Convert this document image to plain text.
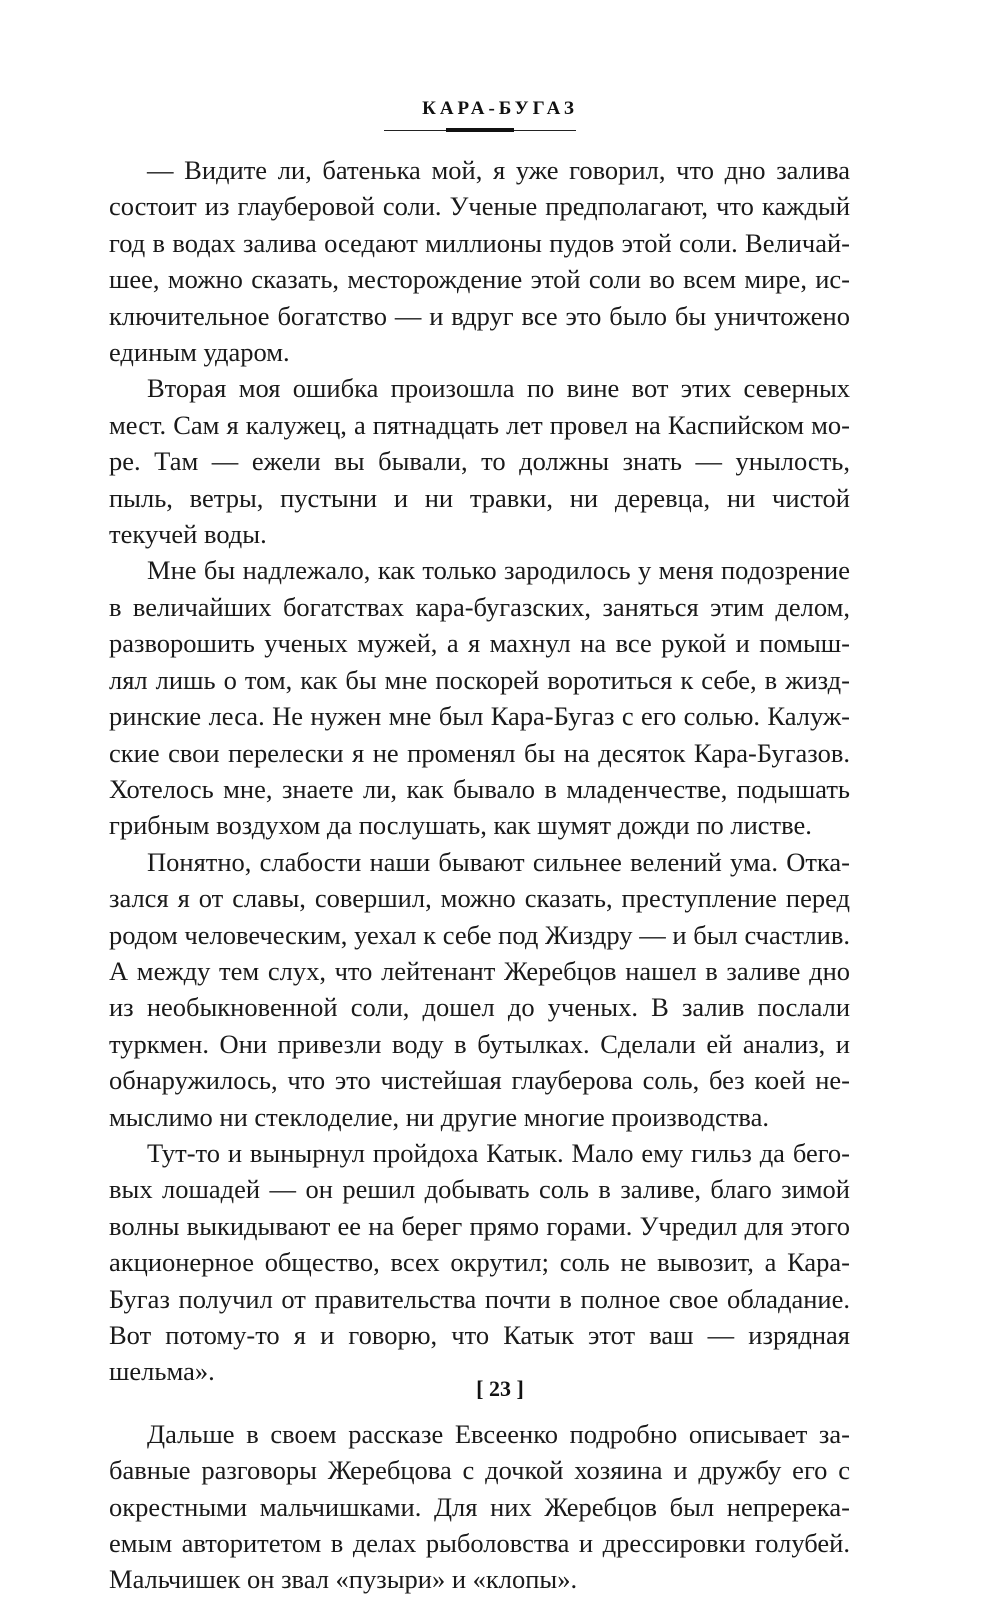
КАРА-БУГАЗ

— Видите ли, батенька мой, я уже говорил, что дно залива состоит из глауберовой соли. Ученые предполагают, что каждый год в водах залива оседают миллионы пудов этой соли. Величайшее, можно сказать, месторождение этой соли во всем мире, исключительное богатство — и вдруг все это было бы уничтожено единым ударом.

Вторая моя ошибка произошла по вине вот этих северных мест. Сам я калужец, а пятнадцать лет провел на Каспийском море. Там — ежели вы бывали, то должны знать — унылость, пыль, ветры, пустыни и ни травки, ни деревца, ни чистой текучей воды.

Мне бы надлежало, как только зародилось у меня подозрение в величайших богатствах кара-бугазских, заняться этим делом, разворошить ученых мужей, а я махнул на все рукой и помышлял лишь о том, как бы мне поскорей воротиться к себе, в жиздринские леса. Не нужен мне был Кара-Бугаз с его солью. Калужские свои перелески я не променял бы на десяток Кара-Бугазов. Хотелось мне, знаете ли, как бывало в младенчестве, подышать грибным воздухом да послушать, как шумят дожди по листве.

Понятно, слабости наши бывают сильнее велений ума. Отказался я от славы, совершил, можно сказать, преступление перед родом человеческим, уехал к себе под Жиздру — и был счастлив. А между тем слух, что лейтенант Жеребцов нашел в заливе дно из необыкновенной соли, дошел до ученых. В залив послали туркмен. Они привезли воду в бутылках. Сделали ей анализ, и обнаружилось, что это чистейшая глауберова соль, без коей немыслимо ни стеклоделие, ни другие многие производства.

Тут-то и вынырнул пройдоха Катык. Мало ему гильз да беговых лошадей — он решил добывать соль в заливе, благо зимой волны выкидывают ее на берег прямо горами. Учредил для этого акционерное общество, всех окрутил; соль не вывозит, а Кара-Бугаз получил от правительства почти в полное свое обладание. Вот потому-то я и говорю, что Катык этот ваш — изрядная шельма».

Дальше в своем рассказе Евсеенко подробно описывает забавные разговоры Жеребцова с дочкой хозяина и дружбу его с окрестными мальчишками. Для них Жеребцов был непререкаемым авторитетом в делах рыболовства и дрессировки голубей. Мальчишек он звал «пузыри» и «клопы».

[ 23 ]
